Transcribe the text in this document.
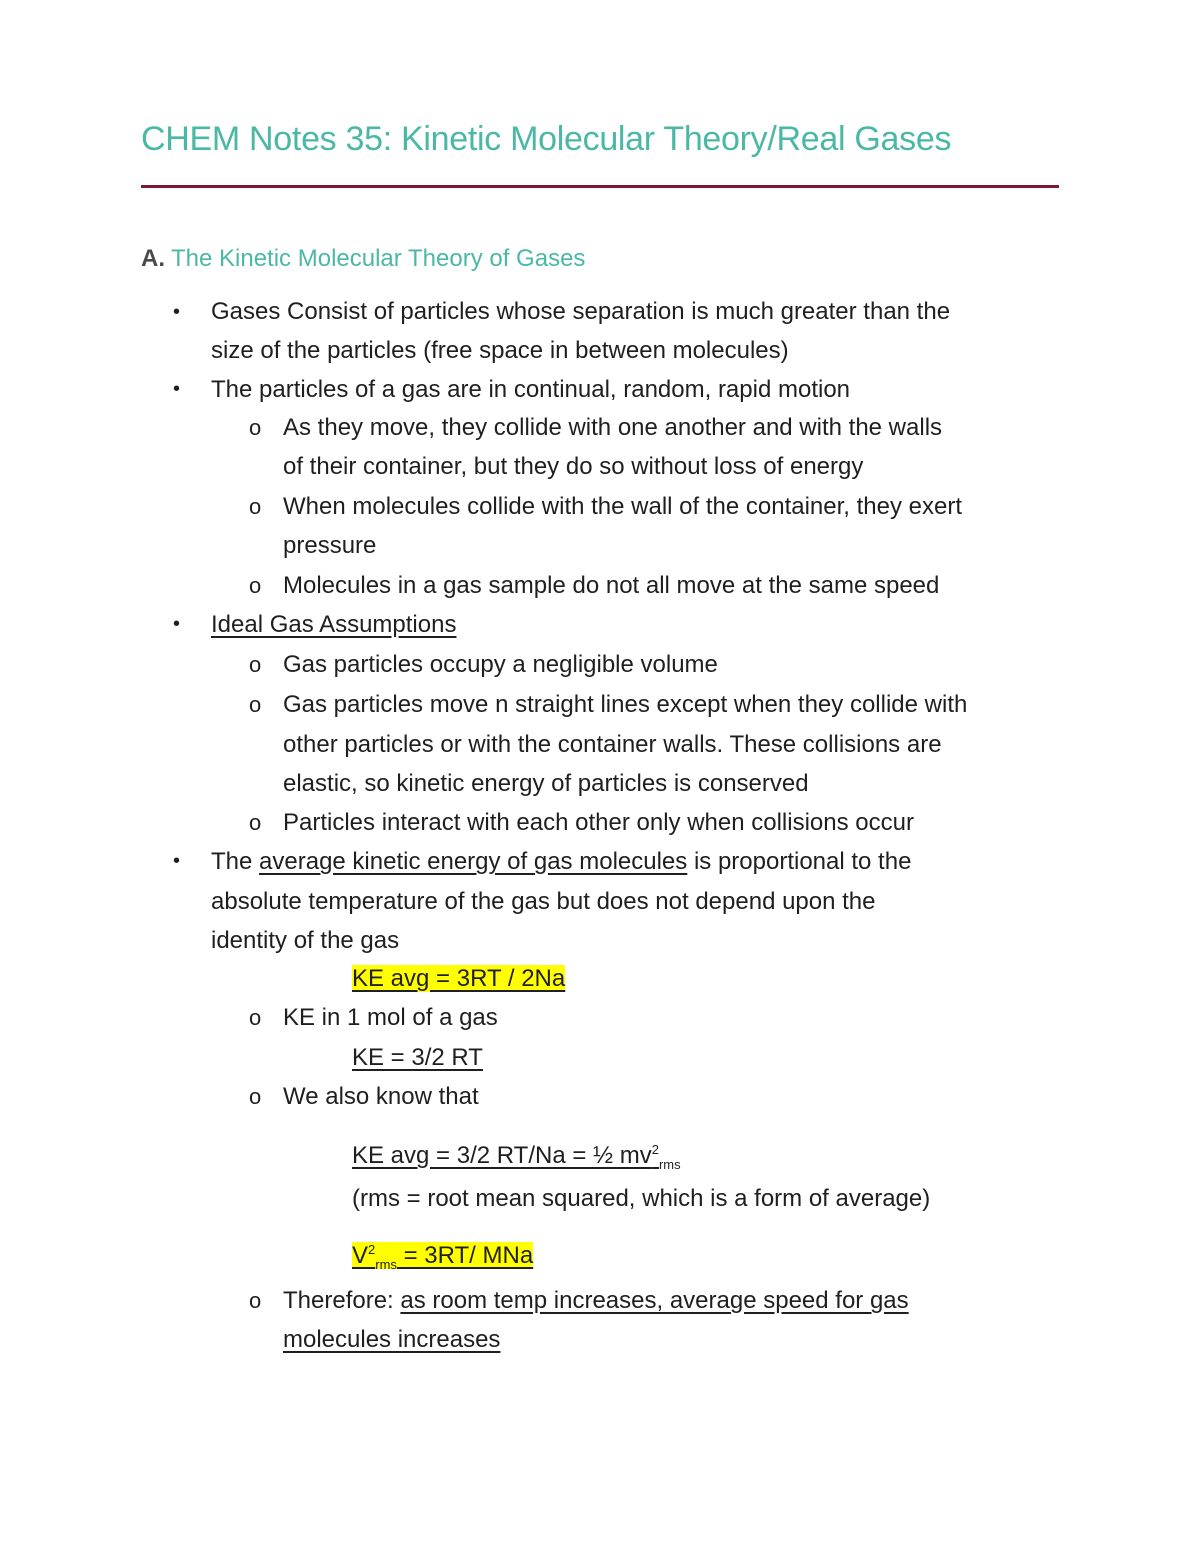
CHEM Notes 35: Kinetic Molecular Theory/Real Gases
A. The Kinetic Molecular Theory of Gases
• Gases Consist of particles whose separation is much greater than the
size of the particles (free space in between molecules)
• The particles of a gas are in continual, random, rapid motion
o As they move, they collide with one another and with the walls
of their container, but they do so without loss of energy
o When molecules collide with the wall of the container, they exert
pressure
o Molecules in a gas sample do not all move at the same speed
• Ideal Gas Assumptions
o Gas particles occupy a negligible volume
o Gas particles move n straight lines except when they collide with
other particles or with the container walls. These collisions are
elastic, so kinetic energy of particles is conserved
o Particles interact with each other only when collisions occur
• The average kinetic energy of gas molecules is proportional to the
absolute temperature of the gas but does not depend upon the
identity of the gas
KE avg = 3RT / 2Na
o KE in 1 mol of a gas
KE = 3/2 RT
o We also know that
KE avg = 3/2 RT/Na = ½ $mv^2_{rms}$
(rms = root mean squared, which is a form of average)
$V^2_{rms} = 3RT/$ MNa
o Therefore: as room temp increases, average speed for gas
molecules increases
